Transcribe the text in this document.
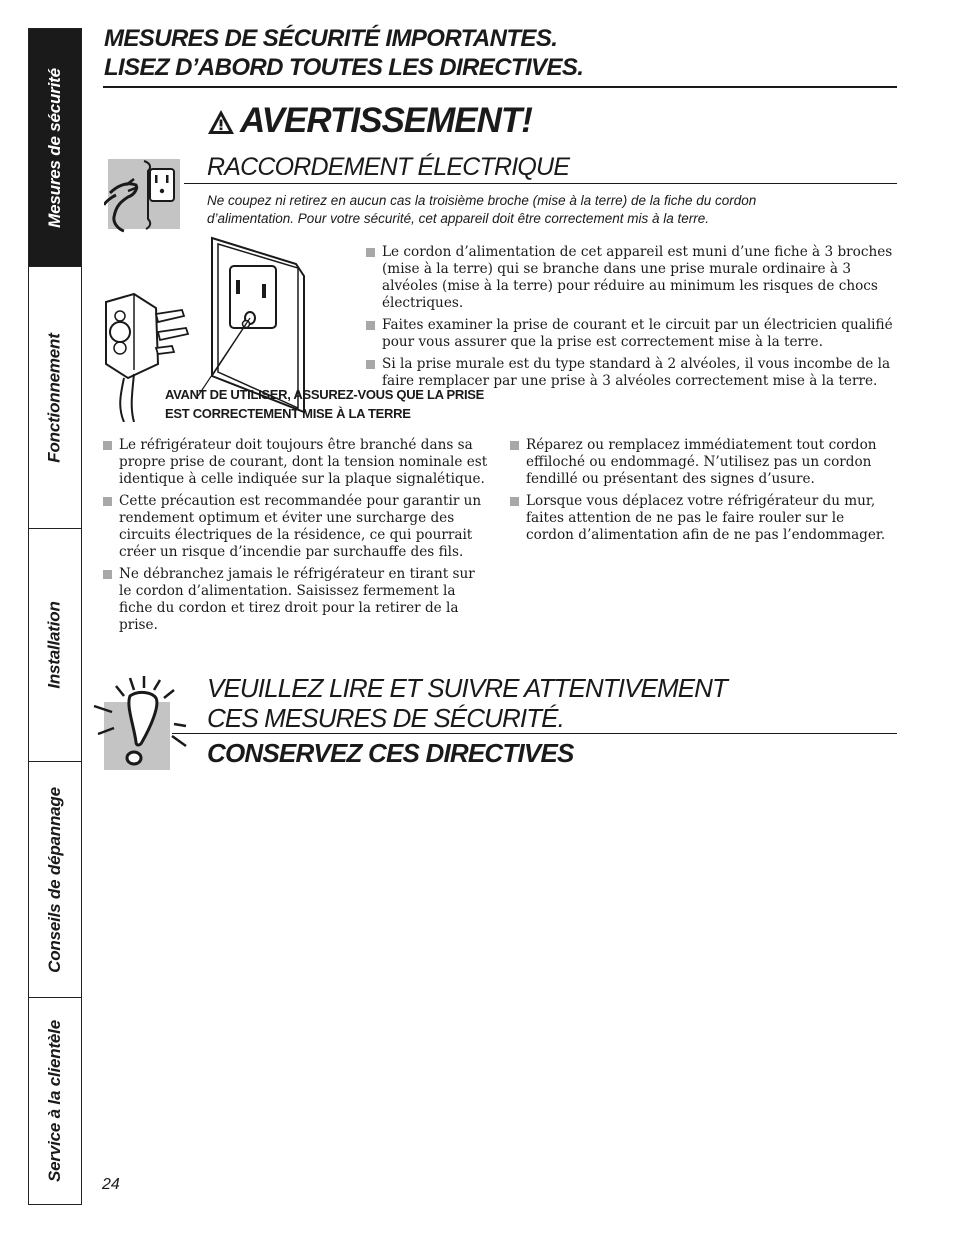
Mesures de sécurité
Fonctionnement
Installation
Conseils de dépannage
Service à la clientèle
MESURES DE SÉCURITÉ IMPORTANTES.
LISEZ D’ABORD TOUTES LES DIRECTIVES.
AVERTISSEMENT!
RACCORDEMENT ÉLECTRIQUE
Ne coupez ni retirez en aucun cas la troisième broche (mise à la terre) de la fiche du cordon
d’alimentation. Pour votre sécurité, cet appareil doit être correctement mis à la terre.
Le cordon d’alimentation de cet appareil est muni d’une fiche à 3 broches (mise à la terre) qui se branche dans une prise murale ordinaire à 3 alvéoles (mise à la terre) pour réduire au minimum les risques de chocs électriques.
Faites examiner la prise de courant et le circuit par un électricien qualifié pour vous assurer que la prise est correctement mise à la terre.
Si la prise murale est du type standard à 2 alvéoles, il vous incombe de la faire remplacer par une prise à 3 alvéoles correctement mise à la terre.
AVANT DE UTILISER, ASSUREZ-VOUS QUE LA PRISE
EST CORRECTEMENT MISE À LA TERRE
Le réfrigérateur doit toujours être branché dans sa propre prise de courant, dont la tension nominale est identique à celle indiquée sur la plaque signalétique.
Cette précaution est recommandée pour garantir un rendement optimum et éviter une surcharge des circuits électriques de la résidence, ce qui pourrait créer un risque d’incendie par surchauffe des fils.
Ne débranchez jamais le réfrigérateur en tirant sur le cordon d’alimentation. Saisissez fermement la fiche du cordon et tirez droit pour la retirer de la prise.
Réparez ou remplacez immédiatement tout cordon effiloché ou endommagé. N’utilisez pas un cordon fendillé ou présentant des signes d’usure.
Lorsque vous déplacez votre réfrigérateur du mur, faites attention de ne pas le faire rouler sur le cordon d’alimentation afin de ne pas l’endommager.
VEUILLEZ LIRE ET SUIVRE ATTENTIVEMENT
CES MESURES DE SÉCURITÉ.
CONSERVEZ CES DIRECTIVES
24
